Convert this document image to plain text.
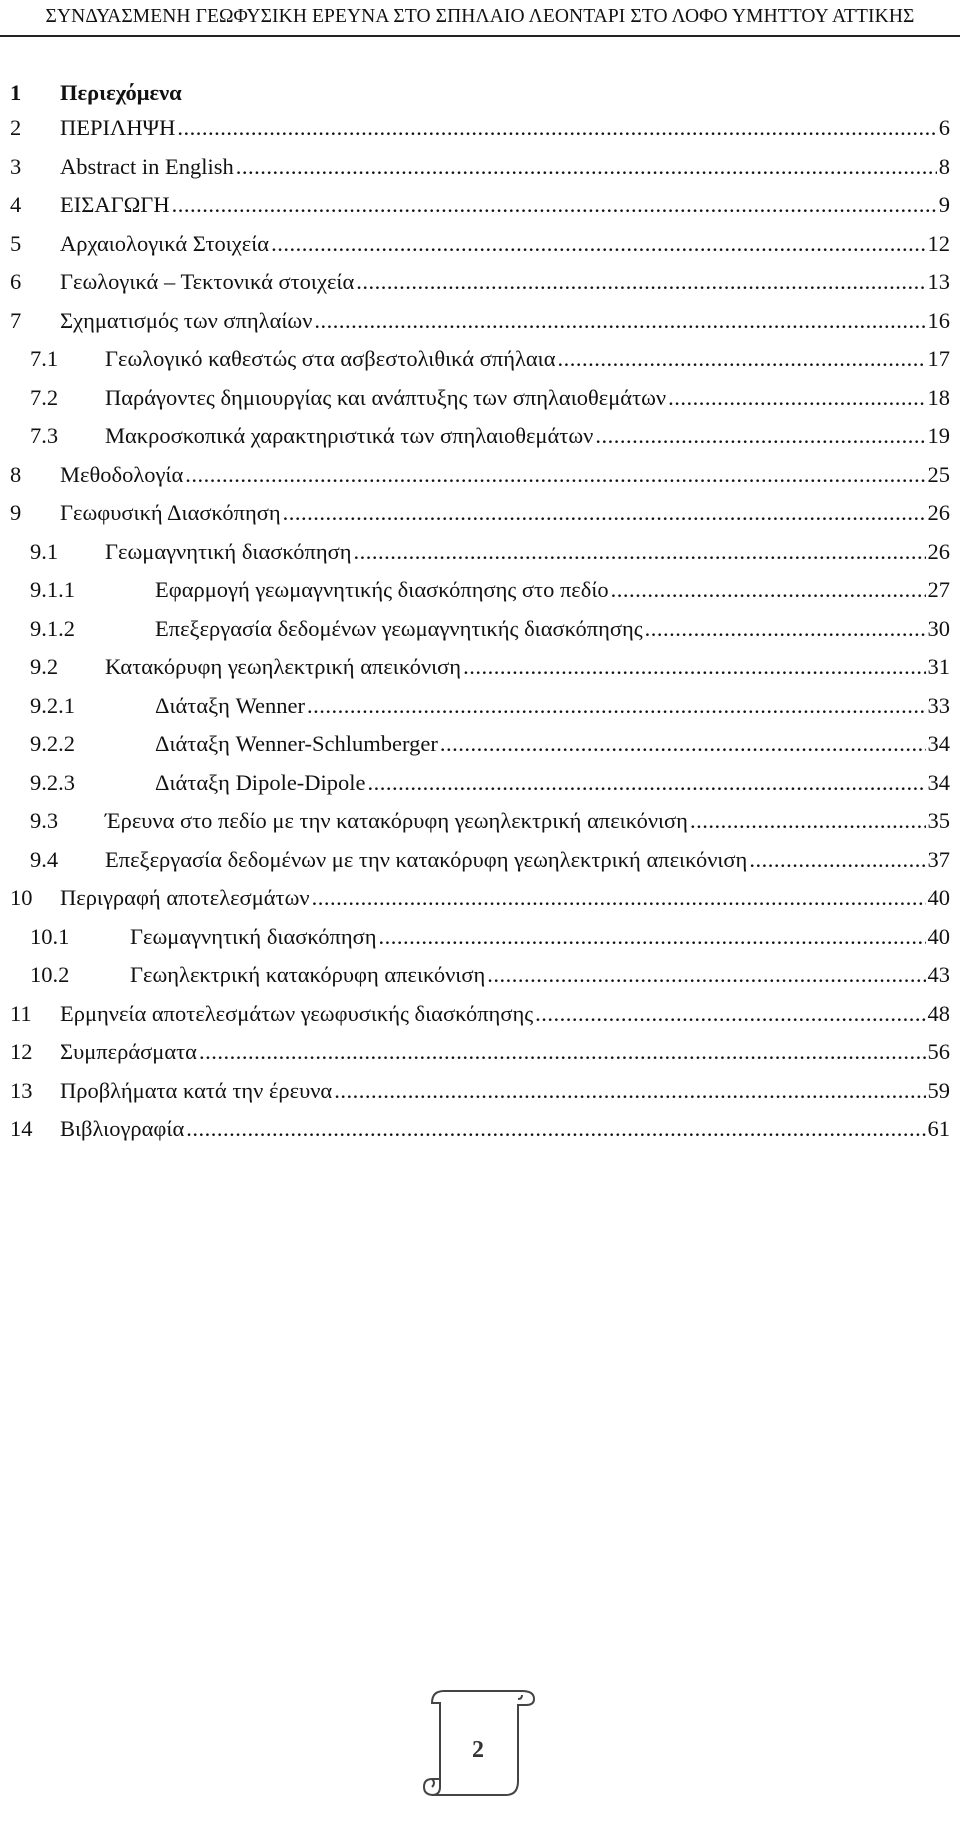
ΣΥΝΔΥΑΣΜΕΝΗ ΓΕΩΦΥΣΙΚΗ ΕΡΕΥΝΑ ΣΤΟ ΣΠΗΛΑΙΟ ΛΕΟΝΤΑΡΙ ΣΤΟ ΛΟΦΟ ΥΜΗΤΤΟΥ ΑΤΤΙΚΗΣ
1	Περιεχόμενα
2 ΠΕΡΙΛΗΨΗ .....	6
3 Abstract in English .....	8
4 ΕΙΣΑΓΩΓΗ .....	9
5 Αρχαιολογικά Στοιχεία .....	12
6 Γεωλογικά – Τεκτονικά στοιχεία .....	13
7 Σχηματισμός των σπηλαίων .....	16
7.1 Γεωλογικό καθεστώς στα ασβεστολιθικά σπήλαια .....	17
7.2 Παράγοντες δημιουργίας και ανάπτυξης των σπηλαιοθεμάτων .....	18
7.3 Μακροσκοπικά χαρακτηριστικά των σπηλαιοθεμάτων .....	19
8 Μεθοδολογία .....	25
9 Γεωφυσική Διασκόπηση .....	26
9.1 Γεωμαγνητική διασκόπηση .....	26
9.1.1	Εφαρμογή γεωμαγνητικής διασκόπησης στο πεδίο .....	27
9.1.2	Επεξεργασία δεδομένων γεωμαγνητικής διασκόπησης .....	30
9.2 Κατακόρυφη γεωηλεκτρική απεικόνιση .....	31
9.2.1	Διάταξη Wenner .....	33
9.2.2	Διάταξη Wenner-Schlumberger .....	34
9.2.3	Διάταξη Dipole-Dipole .....	34
9.3 Έρευνα στο πεδίο με την κατακόρυφη γεωηλεκτρική απεικόνιση .....	35
9.4 Επεξεργασία δεδομένων με την κατακόρυφη γεωηλεκτρική απεικόνιση .....	37
10 Περιγραφή αποτελεσμάτων .....	40
10.1	Γεωμαγνητική διασκόπηση .....	40
10.2	Γεωηλεκτρική κατακόρυφη απεικόνιση .....	43
11 Ερμηνεία αποτελεσμάτων γεωφυσικής διασκόπησης .....	48
12 Συμπεράσματα .....	56
13 Προβλήματα κατά την έρευνα .....	59
14 Βιβλιογραφία .....	61
2
